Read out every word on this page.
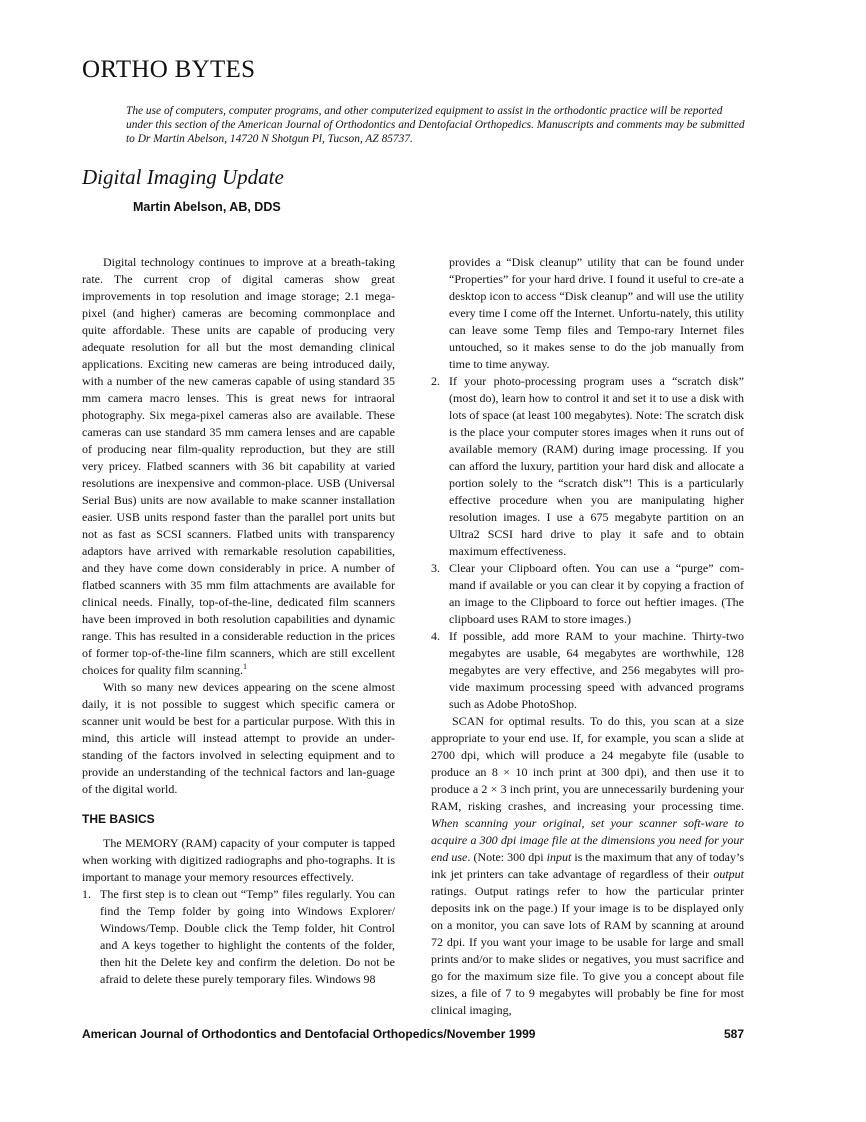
ORTHO BYTES

The use of computers, computer programs, and other computerized equipment to assist in the orthodontic practice will be reported under this section of the American Journal of Orthodontics and Dentofacial Orthopedics. Manuscripts and comments may be submitted to Dr Martin Abelson, 14720 N Shotgun Pl, Tucson, AZ 85737.

Digital Imaging Update

Martin Abelson, AB, DDS

Digital technology continues to improve at a breath-taking rate. The current crop of digital cameras show great improvements in top resolution and image storage; 2.1 mega-pixel (and higher) cameras are becoming commonplace and quite affordable. These units are capable of producing very adequate resolution for all but the most demanding clinical applications. Exciting new cameras are being introduced daily, with a number of the new cameras capable of using standard 35 mm camera macro lenses. This is great news for intraoral photography. Six mega-pixel cameras also are available. These cameras can use standard 35 mm camera lenses and are capable of producing near film-quality reproduction, but they are still very pricey. Flatbed scanners with 36 bit capability at varied resolutions are inexpensive and common-place. USB (Universal Serial Bus) units are now available to make scanner installation easier. USB units respond faster than the parallel port units but not as fast as SCSI scanners. Flatbed units with transparency adaptors have arrived with remarkable resolution capabilities, and they have come down considerably in price. A number of flatbed scanners with 35 mm film attachments are available for clinical needs. Finally, top-of-the-line, dedicated film scanners have been improved in both resolution capabilities and dynamic range. This has resulted in a considerable reduction in the prices of former top-of-the-line film scanners, which are still excellent choices for quality film scanning.$^1$

With so many new devices appearing on the scene almost daily, it is not possible to suggest which specific camera or scanner unit would be best for a particular purpose. With this in mind, this article will instead attempt to provide an under-standing of the factors involved in selecting equipment and to provide an understanding of the technical factors and lan-guage of the digital world.

THE BASICS

The MEMORY (RAM) capacity of your computer is tapped when working with digitized radiographs and pho-tographs. It is important to manage your memory resources effectively.

1. The first step is to clean out “Temp” files regularly. You can find the Temp folder by going into Windows Explorer/ Windows/Temp. Double click the Temp folder, hit Control and A keys together to highlight the contents of the folder, then hit the Delete key and confirm the deletion. Do not be afraid to delete these purely temporary files. Windows 98
provides a “Disk cleanup” utility that can be found under “Properties” for your hard drive. I found it useful to cre-ate a desktop icon to access “Disk cleanup” and will use the utility every time I come off the Internet. Unfortu-nately, this utility can leave some Temp files and Tempo-rary Internet files untouched, so it makes sense to do the job manually from time to time anyway.
2. If your photo-processing program uses a “scratch disk” (most do), learn how to control it and set it to use a disk with lots of space (at least 100 megabytes). Note: The scratch disk is the place your computer stores images when it runs out of available memory (RAM) during image processing. If you can afford the luxury, partition your hard disk and allocate a portion solely to the “scratch disk”! This is a particularly effective procedure when you are manipulating higher resolution images. I use a 675 megabyte partition on an Ultra2 SCSI hard drive to play it safe and to obtain maximum effectiveness.
3. Clear your Clipboard often. You can use a “purge” com-mand if available or you can clear it by copying a fraction of an image to the Clipboard to force out heftier images. (The clipboard uses RAM to store images.)
4. If possible, add more RAM to your machine. Thirty-two megabytes are usable, 64 megabytes are worthwhile, 128 megabytes are very effective, and 256 megabytes will pro-vide maximum processing speed with advanced programs such as Adobe PhotoShop.

SCAN for optimal results. To do this, you scan at a size appropriate to your end use. If, for example, you scan a slide at 2700 dpi, which will produce a 24 megabyte file (usable to produce an 8 × 10 inch print at 300 dpi), and then use it to produce a 2 × 3 inch print, you are unnecessarily burdening your RAM, risking crashes, and increasing your processing time. When scanning your original, set your scanner soft-ware to acquire a 300 dpi image file at the dimensions you need for your end use. (Note: 300 dpi input is the maximum that any of today’s ink jet printers can take advantage of regardless of their output ratings. Output ratings refer to how the particular printer deposits ink on the page.) If your image is to be displayed only on a monitor, you can save lots of RAM by scanning at around 72 dpi. If you want your image to be usable for large and small prints and/or to make slides or negatives, you must sacrifice and go for the maximum size file. To give you a concept about file sizes, a file of 7 to 9 megabytes will probably be fine for most clinical imaging,

American Journal of Orthodontics and Dentofacial Orthopedics/November 1999	587
